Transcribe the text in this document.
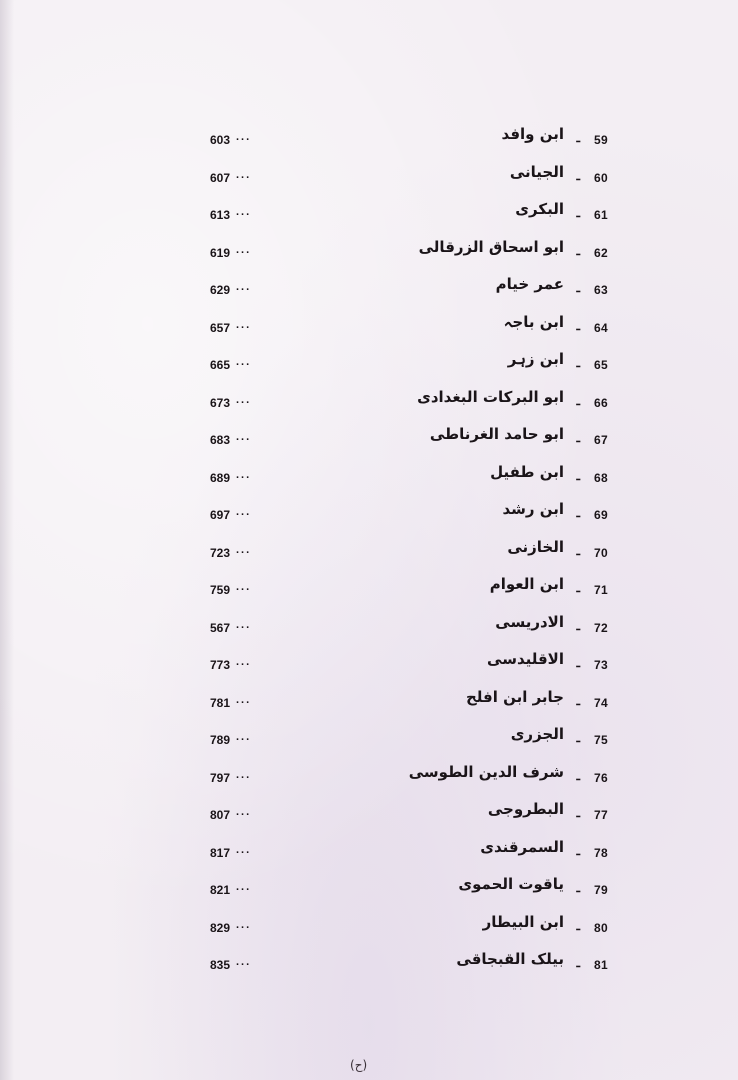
59
ـ
ابن وافد
...
603
60
ـ
الجیانی
...
607
61
ـ
البکری
...
613
62
ـ
ابو اسحاق الزرقالی
...
619
63
ـ
عمر خیام
...
629
64
ـ
ابن باجہ
...
657
65
ـ
ابن زہر
...
665
66
ـ
ابو البرکات البغدادی
...
673
67
ـ
ابو حامد الغرناطی
...
683
68
ـ
ابن طفیل
...
689
69
ـ
ابن رشد
...
697
70
ـ
الخازنی
...
723
71
ـ
ابن العوام
...
759
72
ـ
الادریسی
...
567
73
ـ
الاقلیدسی
...
773
74
ـ
جابر ابن افلح
...
781
75
ـ
الجزری
...
789
76
ـ
شرف الدین الطوسی
...
797
77
ـ
البطروجی
...
807
78
ـ
السمرقندی
...
817
79
ـ
یاقوت الحموی
...
821
80
ـ
ابن البیطار
...
829
81
ـ
بیلک القبجاقی
...
835
(ح)
